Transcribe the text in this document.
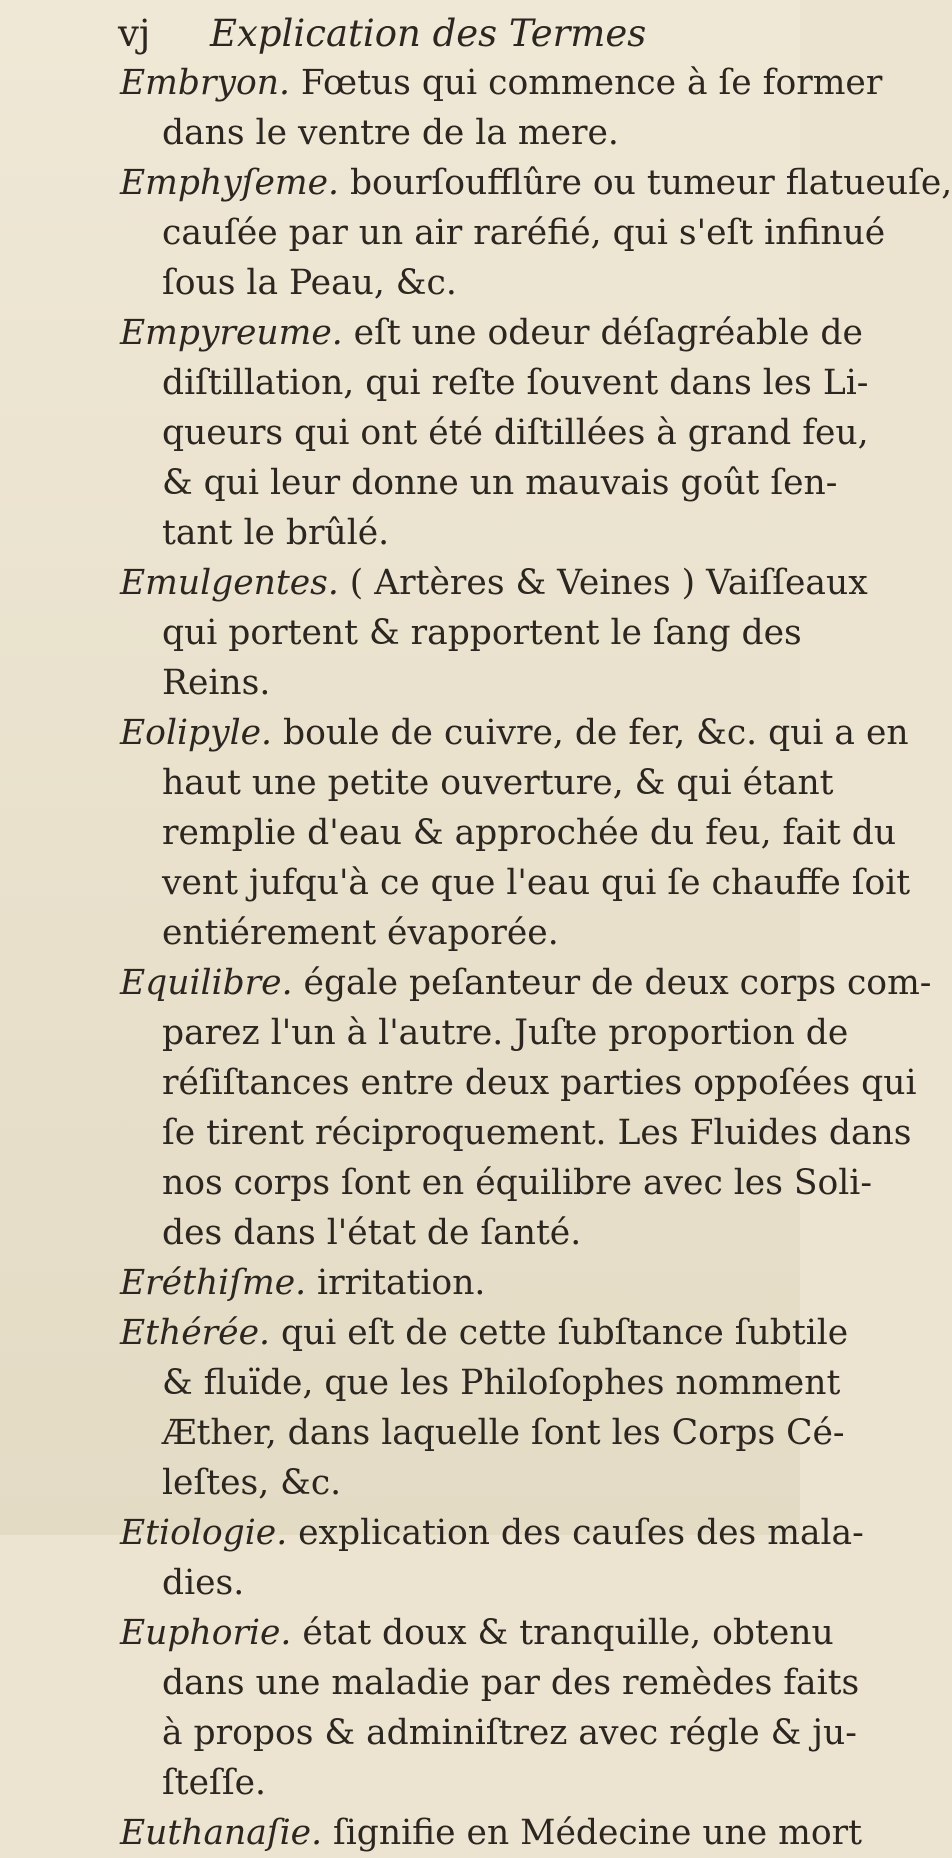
vj Explication des Termes
Embryon. Fœtus qui commence à ſe former
dans le ventre de la mere.
Emphyſeme. bourſoufflûre ou tumeur flatueuſe,
cauſée par un air raréfié, qui s'eſt infinué
ſous la Peau, &c.
Empyreume. eſt une odeur déſagréable de
diſtillation, qui reſte ſouvent dans les Li-
queurs qui ont été diſtillées à grand feu,
& qui leur donne un mauvais goût ſen-
tant le brûlé.
Emulgentes. ( Artères & Veines ) Vaiſſeaux
qui portent & rapportent le ſang des
Reins.
Eolipyle. boule de cuivre, de fer, &c. qui a en
haut une petite ouverture, & qui étant
remplie d'eau & approchée du feu, fait du
vent jufqu'à ce que l'eau qui ſe chauffe ſoit
entiérement évaporée.
Equilibre. égale peſanteur de deux corps com-
parez l'un à l'autre. Juſte proportion de
réſiſtances entre deux parties oppoſées qui
ſe tirent réciproquement. Les Fluides dans
nos corps ſont en équilibre avec les Soli-
des dans l'état de ſanté.
Eréthiſme. irritation.
Ethérée. qui eſt de cette ſubſtance ſubtile
& fluïde, que les Philoſophes nomment
Æther, dans laquelle ſont les Corps Cé-
leſtes, &c.
Etiologie. explication des cauſes des mala-
dies.
Euphorie. état doux & tranquille, obtenu
dans une maladie par des remèdes faits
à propos & adminiſtrez avec régle & ju-
ſteſſe.
Euthanaſie. ſignifie en Médecine une mort
